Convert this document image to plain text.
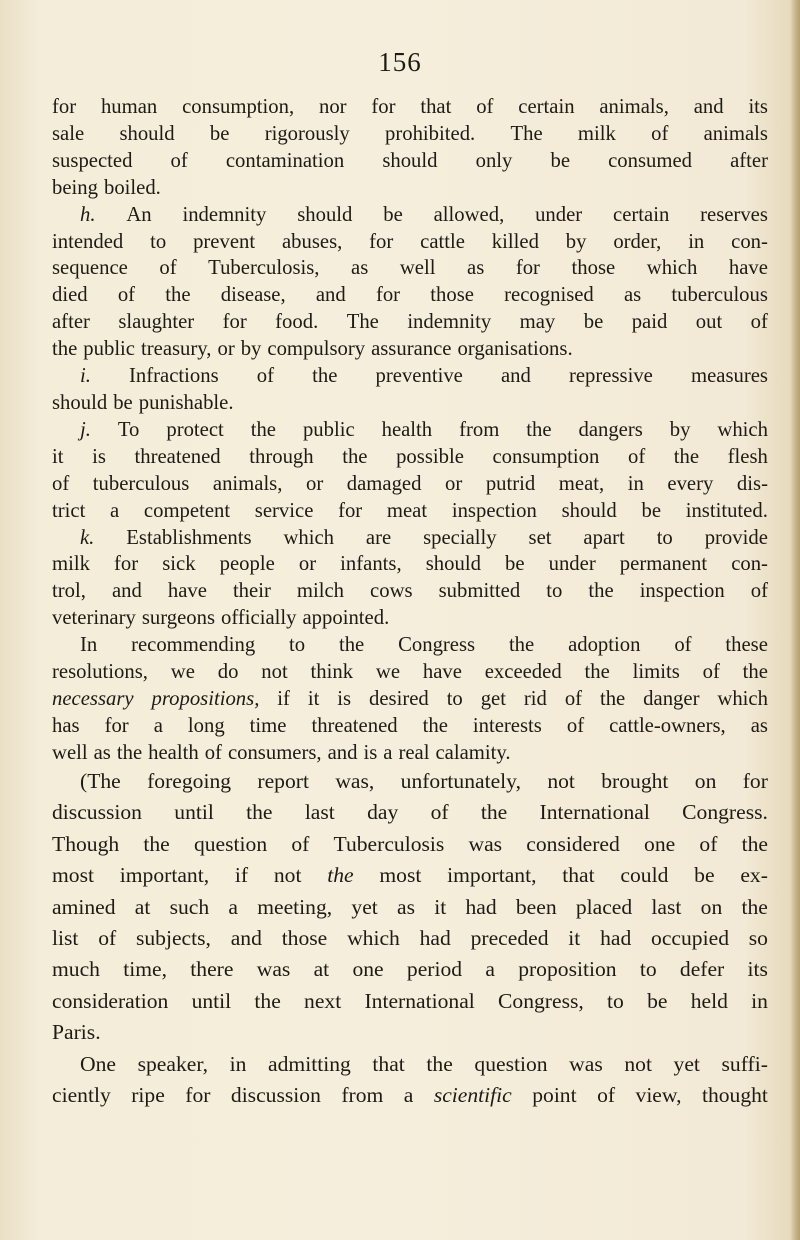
156
for human consumption, nor for that of certain animals, and its
sale should be rigorously prohibited. The milk of animals
suspected of contamination should only be consumed after
being boiled.
h. An indemnity should be allowed, under certain reserves
intended to prevent abuses, for cattle killed by order, in con-
sequence of Tuberculosis, as well as for those which have
died of the disease, and for those recognised as tuberculous
after slaughter for food. The indemnity may be paid out of
the public treasury, or by compulsory assurance organisations.
i. Infractions of the preventive and repressive measures
should be punishable.
j. To protect the public health from the dangers by which
it is threatened through the possible consumption of the flesh
of tuberculous animals, or damaged or putrid meat, in every dis-
trict a competent service for meat inspection should be instituted.
k. Establishments which are specially set apart to provide
milk for sick people or infants, should be under permanent con-
trol, and have their milch cows submitted to the inspection of
veterinary surgeons officially appointed.
In recommending to the Congress the adoption of these
resolutions, we do not think we have exceeded the limits of the
necessary propositions, if it is desired to get rid of the danger which
has for a long time threatened the interests of cattle-owners, as
well as the health of consumers, and is a real calamity.
(The foregoing report was, unfortunately, not brought on for
discussion until the last day of the International Congress.
Though the question of Tuberculosis was considered one of the
most important, if not the most important, that could be ex-
amined at such a meeting, yet as it had been placed last on the
list of subjects, and those which had preceded it had occupied so
much time, there was at one period a proposition to defer its
consideration until the next International Congress, to be held in
Paris.
One speaker, in admitting that the question was not yet suffi-
ciently ripe for discussion from a scientific point of view, thought
